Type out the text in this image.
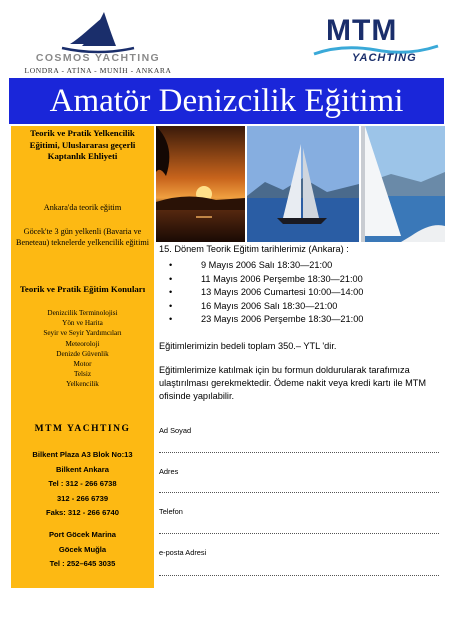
COSMOS YACHTING
LONDRA - ATİNA - MUNİH - ANKARA
MTM
YACHTING
Amatör Denizcilik Eğitimi
Teorik ve Pratik Yelkencilik Eğitimi, Uluslararası geçerli Kaptanlık Ehliyeti
Ankara'da teorik eğitim
Göcek'te 3 gün yelkenli (Bavaria ve Beneteau) teknelerde yelkencilik eğitimi
Teorik ve Pratik Eğitim Konuları
Denizcilik Terminolojisi
Yön ve Harita
Seyir ve Seyir Yardımcıları
Meteoroloji
Denizde Güvenlik
Motor
Telsiz
Yelkencilik
MTM YACHTING
Bilkent Plaza A3 Blok No:13
Bilkent Ankara
Tel : 312 - 266 6738
312 - 266 6739
Faks: 312 - 266 6740
Port Göcek Marina
Göcek Muğla
Tel : 252–645 3035
15. Dönem Teorik Eğitim tarihlerimiz (Ankara) :
•	9 Mayıs 2006 Salı 18:30—21:00
•	11 Mayıs 2006 Perşembe 18:30—21:00
•	13 Mayıs 2006 Cumartesi 10:00—14:00
•	16 Mayıs 2006 Salı 18:30—21:00
•	23 Mayıs 2006 Perşembe 18:30—21:00
Eğitimlerimizin bedeli toplam 350.– YTL 'dir.
Eğitimlerimize katılmak için bu formun doldurularak tarafımıza ulaştırılması gerekmektedir. Ödeme nakit veya kredi kartı ile MTM ofisinde yapılabilir.
Ad Soyad
Adres
Telefon
e-posta Adresi
